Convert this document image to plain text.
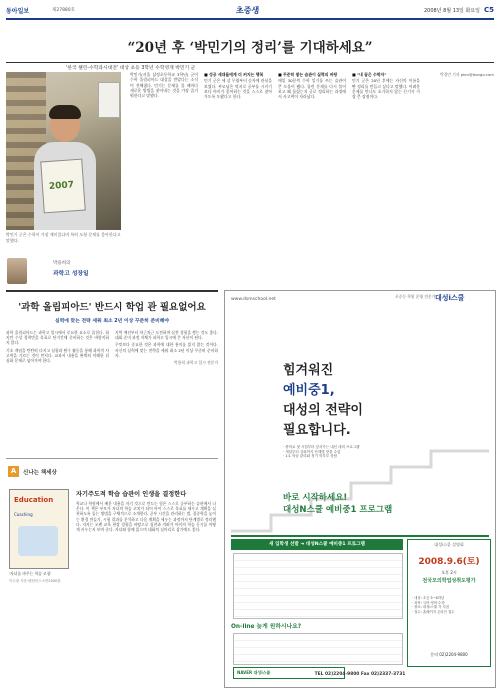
동아일보	제27880호	초중생	2008년 8월 13일 화요일 C5
“20년 후 ‘박민기의 정리’를 기대하세요”
'한국 챌린-수학과시대전' 대상 초등 3학년 수학영재 박민기 군
2007
박민기 군은 수학이 가장 재미있다며 특히 도형 문제를 좋아한다고 말했다.

박민기(서울 삼정초등학교 3학년) 군이 수학 올림피아드 대상을 받았다는 소식이 전해졌다. 민기는 문제를 풀 때마다 새로운 방법을 찾아내는 것을 가장 즐거워한다고 말했다.

■ 성공 세대들에게 더 커지는 행복

민기 군은 세 살 무렵부터 숫자에 관심을 보였다. 부모님은 억지로 공부를 시키기보다 아이가 좋아하는 것을 스스로 찾아가도록 도왔다고 한다.

■ 꾸준히 쌓는 습관이 실력의 바탕

매일 30분씩 수학 일기를 쓰는 습관이 큰 도움이 됐다. 틀린 문제를 다시 풀어보고 왜 틀렸는지 글로 정리하는 과정에서 사고력이 자라났다.

■ "내 꿈은 수학자"

민기 군은 20년 후에는 자신의 이름을 딴 정리를 만들고 싶다고 말했다. 어려운 문제를 만나도 포기하지 않는 끈기가 가장 큰 장점이다.

박경민 기자 pkm@donga.com
박용희의
과학고 성장일
'과학 올림피아드' 반드시 학업 관 필요없어요
실력에 맞는 전략 세워 최소 2년 이상 꾸준히 준비해야

과학 올림피아드는 과학고 입시에서 중요한 요소로 꼽힌다. 하지만 수상 경력만을 목표로 단기간에 준비하는 것은 바람직하지 않다.

기초 개념을 탄탄히 다지고 실험과 탐구 활동을 통해 과학적 사고력을 기르는 것이 먼저다. 교과서 내용을 완벽히 이해한 뒤 심화 문제로 넘어가야 한다.

지역 예선부터 차근차근 도전하며 실전 경험을 쌓는 것도 좋다. 대회 준비 과정 자체가 과학고 입시에 큰 자산이 된다.

무엇보다 중요한 것은 과학에 대한 흥미를 잃지 않는 것이다. 자신의 실력에 맞는 전략을 세워 최소 2년 이상 꾸준히 준비하자.

박용희 과학고 입시 전문가
A	신나는 책세상
Education
Coaching
'자녀를 바꾸는 학습 코칭'
이수광 지음·팬덤북스·1만2000원
자기주도적 학습 습관이 인생을 결정한다
학교나 학원에서 배운 내용을 자기 것으로 만드는 힘은 스스로 공부하는 습관에서 나온다. 이 책은 부모가 자녀의 학습 코치가 되어 아이 스스로 목표를 세우고 계획을 실천하도록 돕는 방법을 구체적으로 소개한다. 공부 시간을 관리하는 법, 집중력을 높이는 환경 만들기, 시험 결과를 분석하고 다음 계획을 세우는 과정까지 단계별로 정리했다. 저자는 오랜 교육 현장 경험을 바탕으로 칭찬과 격려가 아이의 학습 동기를 어떻게 키우는지 보여 준다. 자녀와 함께 읽으며 대화의 실마리로 삼기에도 좋다.
www.dsmschool.net
초중등 학원 운영 전문가 대성i스쿨
힘겨워진
예비중1,
대성의 전략이
필요합니다.
· 중학교 첫 시험부터 앞서가는 내신 대비 프로그램
· 개념부터 심화까지 단계별 맞춤 수업
· 1:1 학습 관리와 정기 학부모 상담
바로 시작하세요!
대성N스쿨 예비중1 프로그램
새 입학생 선발 ➜ 대성N스쿨 예비중1 프로그램
On-line 늦게 원하시나요?
NAVER 대성i스쿨	TEL 02)2204-9800 Fax 02)2337-3731
대성i스쿨 설명회
2008.9.6(토)
오후 2시
전국모의학업성취도평가
· 대상: 초등 5~6학년
· 과목: 국어·영어·수학
· 장소: 대성i스쿨 각 지점
· 접수: 홈페이지 온라인 접수
문의 02)2204-9800
